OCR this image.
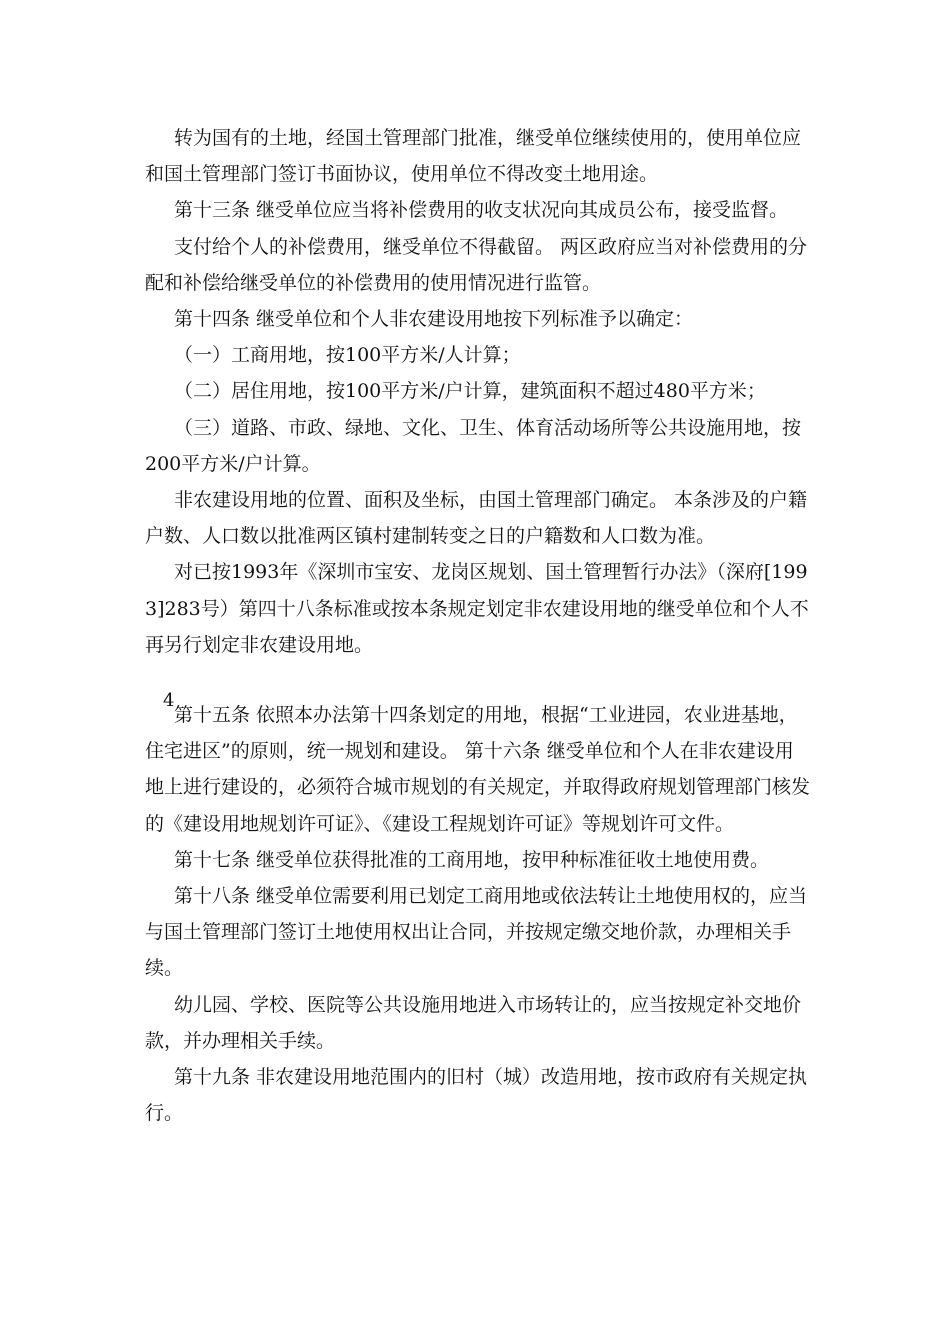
转为国有的土地，经国土管理部门批准，继受单位继续使用的，使用单位应和国土管理部门签订书面协议，使用单位不得改变土地用途。

第十三条 继受单位应当将补偿费用的收支状况向其成员公布，接受监督。

支付给个人的补偿费用，继受单位不得截留。 两区政府应当对补偿费用的分配和补偿给继受单位的补偿费用的使用情况进行监管。

第十四条 继受单位和个人非农建设用地按下列标准予以确定：

（一）工商用地，按100平方米/人计算；

（二）居住用地，按100平方米/户计算，建筑面积不超过480平方米；

（三）道路、市政、绿地、文化、卫生、体育活动场所等公共设施用地，按200平方米/户计算。

非农建设用地的位置、面积及坐标，由国土管理部门确定。 本条涉及的户籍户数、人口数以批准两区镇村建制转变之日的户籍数和人口数为准。

对已按1993年《深圳市宝安、龙岗区规划、国土管理暂行办法》（深府[1993]283号）第四十八条标准或按本条规定划定非农建设用地的继受单位和个人不再另行划定非农建设用地。

4

第十五条 依照本办法第十四条划定的用地，根据“工业进园，农业进基地，住宅进区”的原则，统一规划和建设。 第十六条 继受单位和个人在非农建设用地上进行建设的，必须符合城市规划的有关规定，并取得政府规划管理部门核发的《建设用地规划许可证》、《建设工程规划许可证》等规划许可文件。

第十七条 继受单位获得批准的工商用地，按甲种标准征收土地使用费。

第十八条 继受单位需要利用已划定工商用地或依法转让土地使用权的，应当与国土管理部门签订土地使用权出让合同，并按规定缴交地价款，办理相关手续。

幼儿园、学校、医院等公共设施用地进入市场转让的，应当按规定补交地价款，并办理相关手续。

第十九条 非农建设用地范围内的旧村（城）改造用地，按市政府有关规定执行。
